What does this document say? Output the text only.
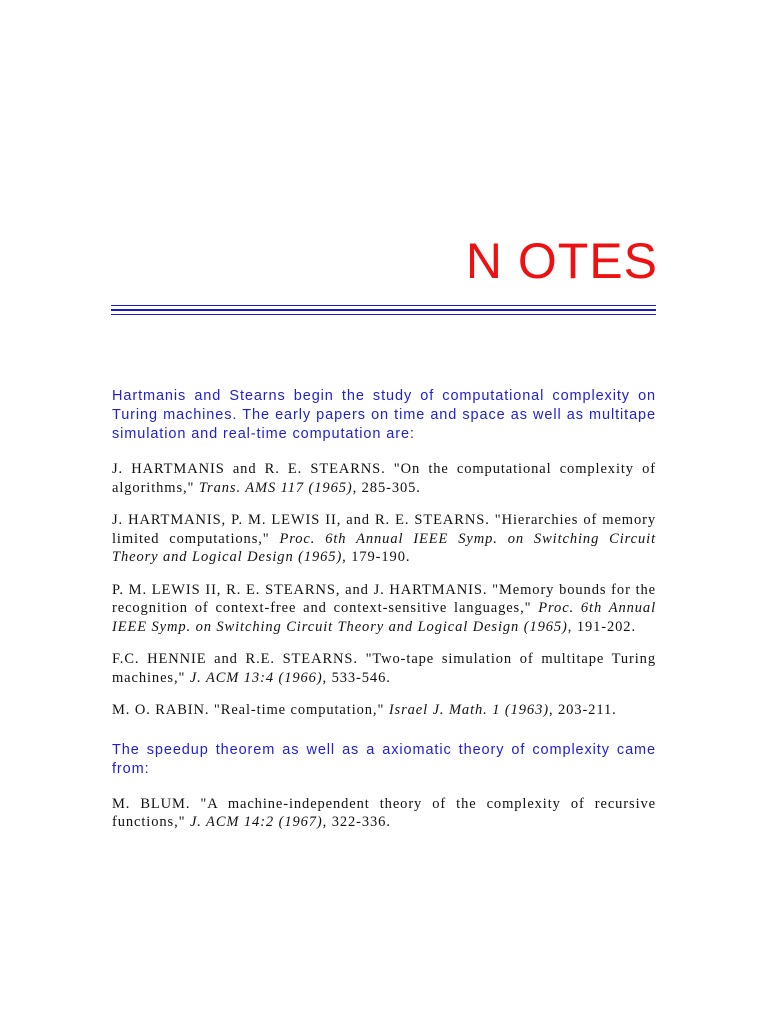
N OTES

Hartmanis and Stearns begin the study of computational complexity on Turing machines. The early papers on time and space as well as multitape simulation and real-time computation are:

J. HARTMANIS and R. E. STEARNS. "On the computational complexity of algorithms," Trans. AMS 117 (1965), 285-305.

J. HARTMANIS, P. M. LEWIS II, and R. E. STEARNS. "Hierarchies of memory limited computations," Proc. 6th Annual IEEE Symp. on Switching Circuit Theory and Logical Design (1965), 179-190.

P. M. LEWIS II, R. E. STEARNS, and J. HARTMANIS. "Memory bounds for the recognition of context-free and context-sensitive languages," Proc. 6th Annual IEEE Symp. on Switching Circuit Theory and Logical Design (1965), 191-202.

F.C. HENNIE and R.E. STEARNS. "Two-tape simulation of multitape Turing machines," J. ACM 13:4 (1966), 533-546.

M. O. RABIN. "Real-time computation," Israel J. Math. 1 (1963), 203-211.

The speedup theorem as well as a axiomatic theory of complexity came from:

M. BLUM. "A machine-independent theory of the complexity of recursive functions," J. ACM 14:2 (1967), 322-336.
